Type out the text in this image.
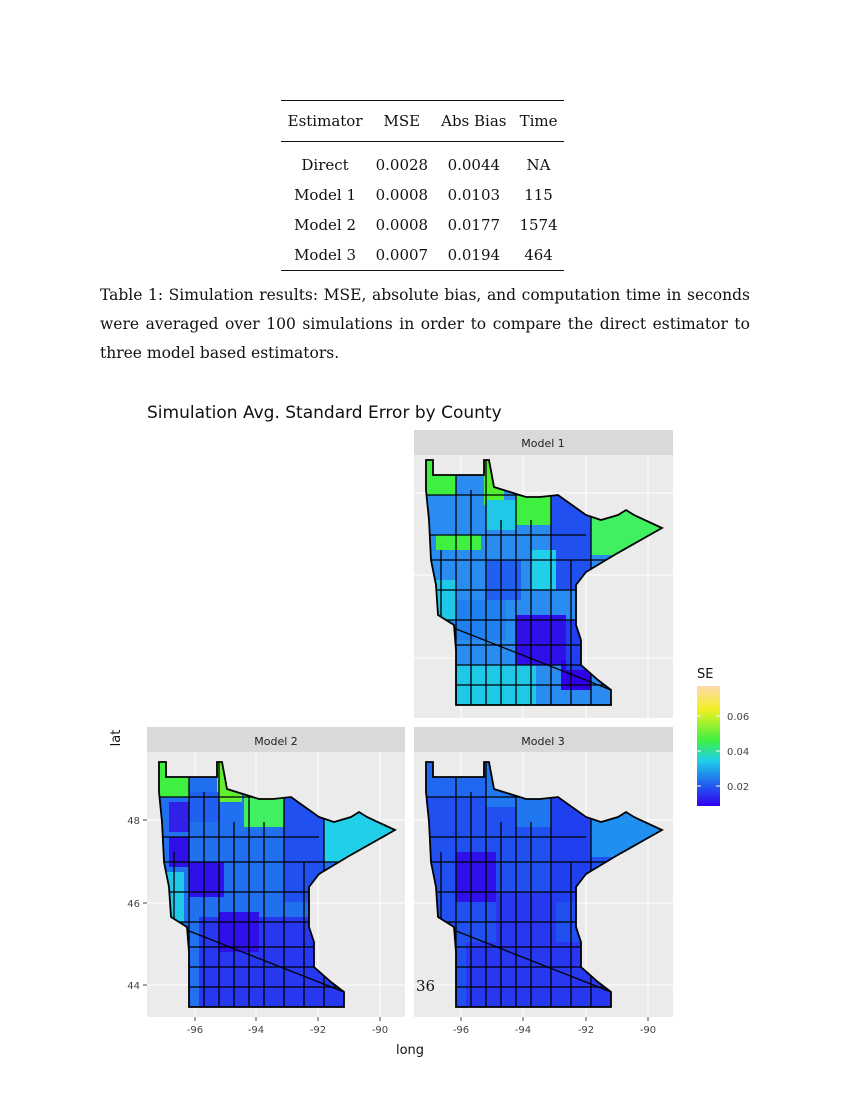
Estimator	MSE	Abs Bias	Time
Direct	0.0028	0.0044	NA
Model 1	0.0008	0.0103	115
Model 2	0.0008	0.0177	1574
Model 3	0.0007	0.0194	464

Table 1: Simulation results: MSE, absolute bias, and computation time in seconds were averaged over 100 simulations in order to compare the direct estimator to three model based estimators.

Simulation Avg. Standard Error by County
Model 1
Model 2	Model 3
48
46
44
lat
-96	-94	-92	-90	-96	-94	-92	-90
long
SE
0.06
0.04
0.02

36
